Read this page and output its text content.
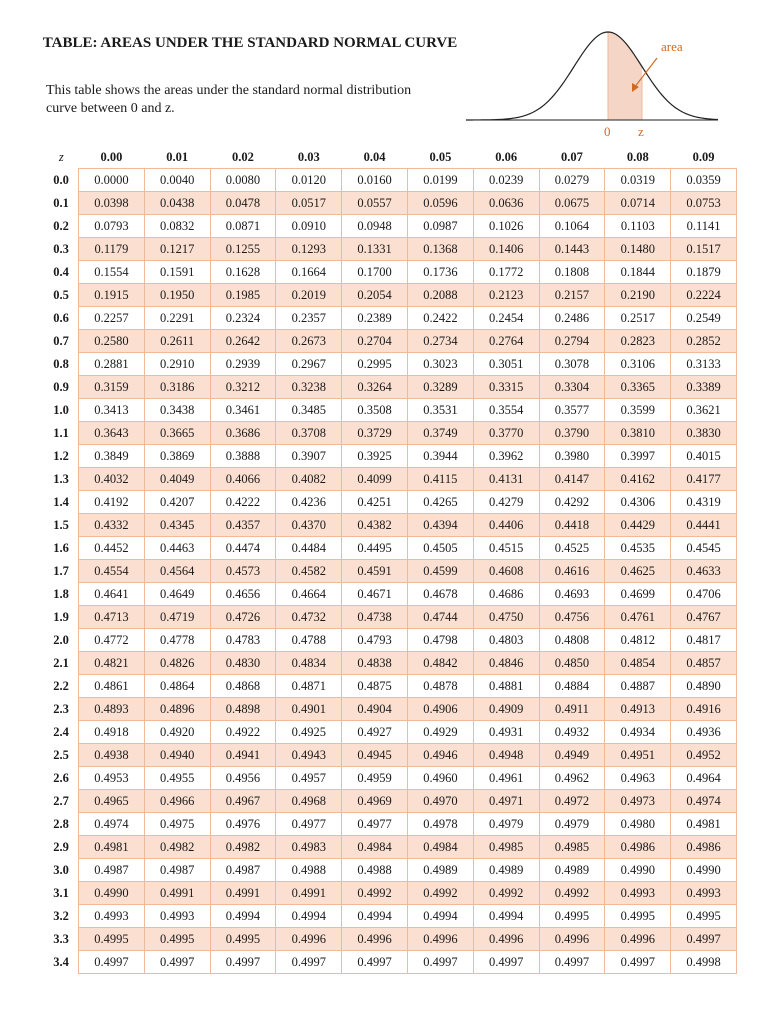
TABLE: AREAS UNDER THE STANDARD NORMAL CURVE
This table shows the areas under the standard normal distribution curve between 0 and z.
area
0 z
z	0.00	0.01	0.02	0.03	0.04	0.05	0.06	0.07	0.08	0.09
0.0	0.0000	0.0040	0.0080	0.0120	0.0160	0.0199	0.0239	0.0279	0.0319	0.0359
0.1	0.0398	0.0438	0.0478	0.0517	0.0557	0.0596	0.0636	0.0675	0.0714	0.0753
0.2	0.0793	0.0832	0.0871	0.0910	0.0948	0.0987	0.1026	0.1064	0.1103	0.1141
0.3	0.1179	0.1217	0.1255	0.1293	0.1331	0.1368	0.1406	0.1443	0.1480	0.1517
0.4	0.1554	0.1591	0.1628	0.1664	0.1700	0.1736	0.1772	0.1808	0.1844	0.1879
0.5	0.1915	0.1950	0.1985	0.2019	0.2054	0.2088	0.2123	0.2157	0.2190	0.2224
0.6	0.2257	0.2291	0.2324	0.2357	0.2389	0.2422	0.2454	0.2486	0.2517	0.2549
0.7	0.2580	0.2611	0.2642	0.2673	0.2704	0.2734	0.2764	0.2794	0.2823	0.2852
0.8	0.2881	0.2910	0.2939	0.2967	0.2995	0.3023	0.3051	0.3078	0.3106	0.3133
0.9	0.3159	0.3186	0.3212	0.3238	0.3264	0.3289	0.3315	0.3304	0.3365	0.3389
1.0	0.3413	0.3438	0.3461	0.3485	0.3508	0.3531	0.3554	0.3577	0.3599	0.3621
1.1	0.3643	0.3665	0.3686	0.3708	0.3729	0.3749	0.3770	0.3790	0.3810	0.3830
1.2	0.3849	0.3869	0.3888	0.3907	0.3925	0.3944	0.3962	0.3980	0.3997	0.4015
1.3	0.4032	0.4049	0.4066	0.4082	0.4099	0.4115	0.4131	0.4147	0.4162	0.4177
1.4	0.4192	0.4207	0.4222	0.4236	0.4251	0.4265	0.4279	0.4292	0.4306	0.4319
1.5	0.4332	0.4345	0.4357	0.4370	0.4382	0.4394	0.4406	0.4418	0.4429	0.4441
1.6	0.4452	0.4463	0.4474	0.4484	0.4495	0.4505	0.4515	0.4525	0.4535	0.4545
1.7	0.4554	0.4564	0.4573	0.4582	0.4591	0.4599	0.4608	0.4616	0.4625	0.4633
1.8	0.4641	0.4649	0.4656	0.4664	0.4671	0.4678	0.4686	0.4693	0.4699	0.4706
1.9	0.4713	0.4719	0.4726	0.4732	0.4738	0.4744	0.4750	0.4756	0.4761	0.4767
2.0	0.4772	0.4778	0.4783	0.4788	0.4793	0.4798	0.4803	0.4808	0.4812	0.4817
2.1	0.4821	0.4826	0.4830	0.4834	0.4838	0.4842	0.4846	0.4850	0.4854	0.4857
2.2	0.4861	0.4864	0.4868	0.4871	0.4875	0.4878	0.4881	0.4884	0.4887	0.4890
2.3	0.4893	0.4896	0.4898	0.4901	0.4904	0.4906	0.4909	0.4911	0.4913	0.4916
2.4	0.4918	0.4920	0.4922	0.4925	0.4927	0.4929	0.4931	0.4932	0.4934	0.4936
2.5	0.4938	0.4940	0.4941	0.4943	0.4945	0.4946	0.4948	0.4949	0.4951	0.4952
2.6	0.4953	0.4955	0.4956	0.4957	0.4959	0.4960	0.4961	0.4962	0.4963	0.4964
2.7	0.4965	0.4966	0.4967	0.4968	0.4969	0.4970	0.4971	0.4972	0.4973	0.4974
2.8	0.4974	0.4975	0.4976	0.4977	0.4977	0.4978	0.4979	0.4979	0.4980	0.4981
2.9	0.4981	0.4982	0.4982	0.4983	0.4984	0.4984	0.4985	0.4985	0.4986	0.4986
3.0	0.4987	0.4987	0.4987	0.4988	0.4988	0.4989	0.4989	0.4989	0.4990	0.4990
3.1	0.4990	0.4991	0.4991	0.4991	0.4992	0.4992	0.4992	0.4992	0.4993	0.4993
3.2	0.4993	0.4993	0.4994	0.4994	0.4994	0.4994	0.4994	0.4995	0.4995	0.4995
3.3	0.4995	0.4995	0.4995	0.4996	0.4996	0.4996	0.4996	0.4996	0.4996	0.4997
3.4	0.4997	0.4997	0.4997	0.4997	0.4997	0.4997	0.4997	0.4997	0.4997	0.4998
